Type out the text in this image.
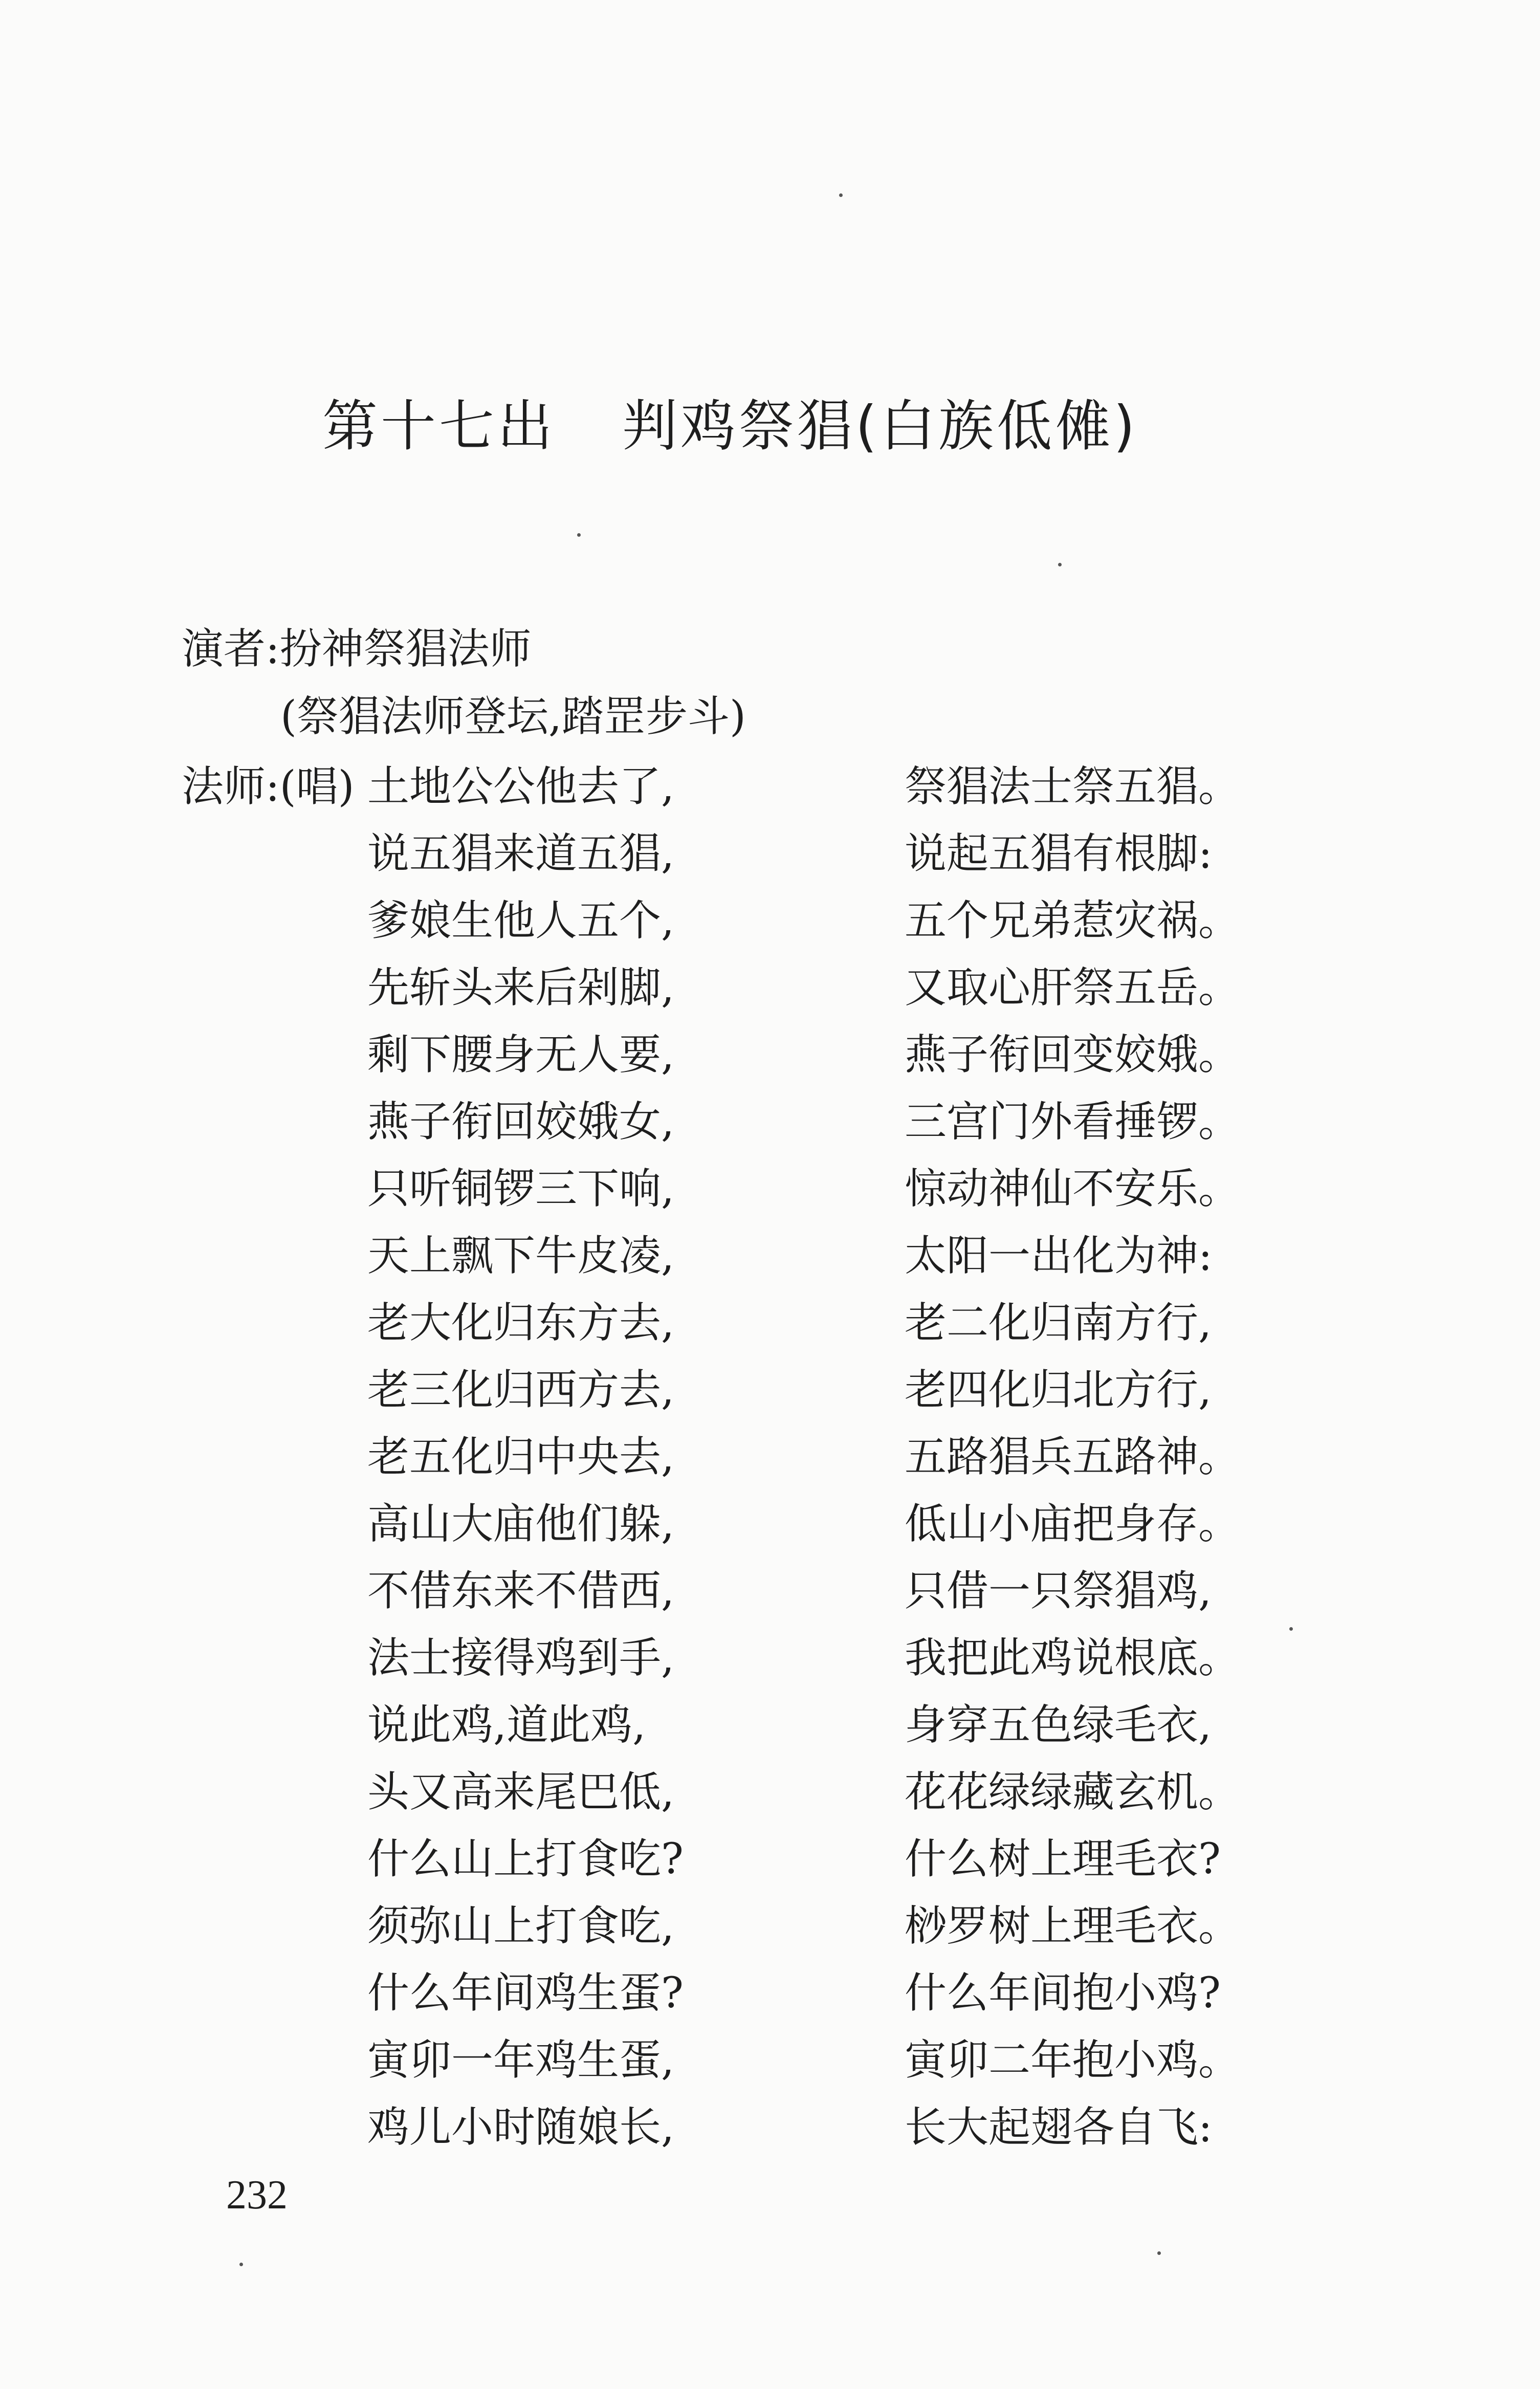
第十七出 判鸡祭猖(白族低傩)
演者:扮神祭猖法师
(祭猖法师登坛,踏罡步斗)
法师:(唱) 土地公公他去了,	祭猖法士祭五猖。
说五猖来道五猖,	说起五猖有根脚:
爹娘生他人五个,	五个兄弟惹灾祸。
先斩头来后剁脚,	又取心肝祭五岳。
剩下腰身无人要,	燕子衔回变姣娥。
燕子衔回姣娥女,	三宫门外看捶锣。
只听铜锣三下响,	惊动神仙不安乐。
天上飘下牛皮凌,	太阳一出化为神:
老大化归东方去,	老二化归南方行,
老三化归西方去,	老四化归北方行,
老五化归中央去,	五路猖兵五路神。
高山大庙他们躲,	低山小庙把身存。
不借东来不借西,	只借一只祭猖鸡,
法士接得鸡到手,	我把此鸡说根底。
说此鸡,道此鸡,	身穿五色绿毛衣,
头又高来尾巴低,	花花绿绿藏玄机。
什么山上打食吃?	什么树上理毛衣?
须弥山上打食吃,	桫罗树上理毛衣。
什么年间鸡生蛋?	什么年间抱小鸡?
寅卯一年鸡生蛋,	寅卯二年抱小鸡。
鸡儿小时随娘长,	长大起翅各自飞:
232
